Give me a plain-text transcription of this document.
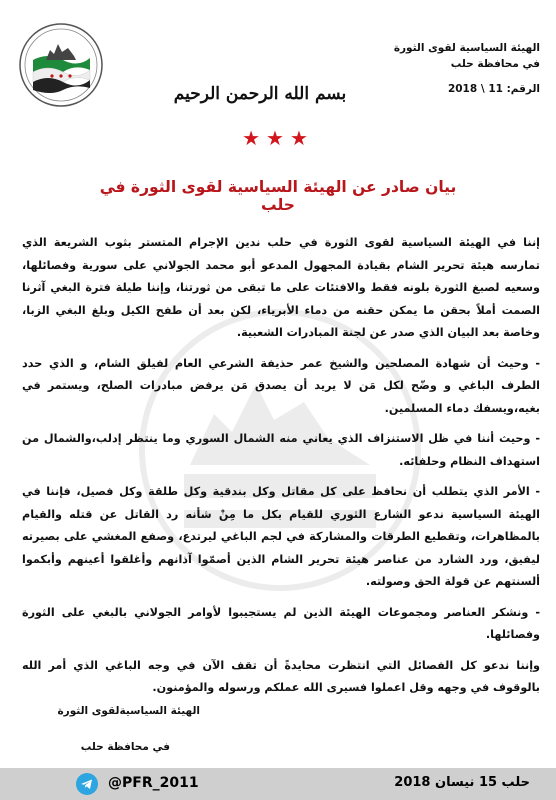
الهيئة السياسية لقوى الثورة
في محافظة حلب
الرقم: 11 \ 2018
بسم الله الرحمن الرحيم
★★★
بيان صادر عن الهيئة السياسية لقوى الثورة في حلب

إننا في الهيئة السياسية لقوى الثورة في حلب ندين الإجرام المتستر بثوب الشريعة الذي تمارسه هيئة تحرير الشام بقيادة المجهول المدعو أبو محمد الجولاني على سورية وفصائلها، وسعيه لصبغ الثورة بلونه فقط والافتئات على ما تبقى من ثورتنا، وإننا طيلة فترة البغي آثرنا الصمت أملاً بحقن ما يمكن حقنه من دماء الأبرياء، لكن بعد أن طفح الكيل وبلغ البغي الزبا، وخاصة بعد البيان الذي صدر عن لجنة المبادرات الشعبية.

- وحيث أن شهادة المصلحين والشيخ عمر حذيفة الشرعي العام لفيلق الشام، و الذي حدد الطرف الباغي و وضّح لكل مَن لا يريد أن يصدق مَن يرفض مبادرات الصلح، ويستمر في بغيه،ويسفك دماء المسلمين.

- وحيث أننا في ظل الاستنزاف الذي يعاني منه الشمال السوري وما ينتظر إدلب،والشمال من استهداف النظام وحلفائه.

- الأمر الذي يتطلب أن نحافظ على كل مقاتل وكل بندقية وكل طلقة وكل فصيل، فإننا في الهيئة السياسية ندعو الشارع الثوري للقيام بكل ما مِنْ شأنه رد القاتل عن قتله والقيام بالمظاهرات، وتقطيع الطرقات والمشاركة في لجم الباغي ليرتدع، وصفع المغشي على بصيرته ليفيق، ورد الشارد من عناصر هيئة تحرير الشام الذين أصمّوا آذانهم وأغلقوا أعينهم وأبكموا ألسنتهم عن قولة الحق وصولته.

- ونشكر العناصر ومجموعات الهيئة الذين لم يستجيبوا لأوامر الجولاني بالبغي على الثورة وفصائلها.

وإننا ندعو كل الفصائل التي انتظرت محايدةً أن تقف الآن في وجه الباغي الذي أمر الله بالوقوف في وجهه وقل اعملوا فسيرى الله عملكم ورسوله والمؤمنون.

الهيئة السياسيةلقوى الثورة
في محافظة حلب
@PFR_2011	حلب 15 نيسان 2018
